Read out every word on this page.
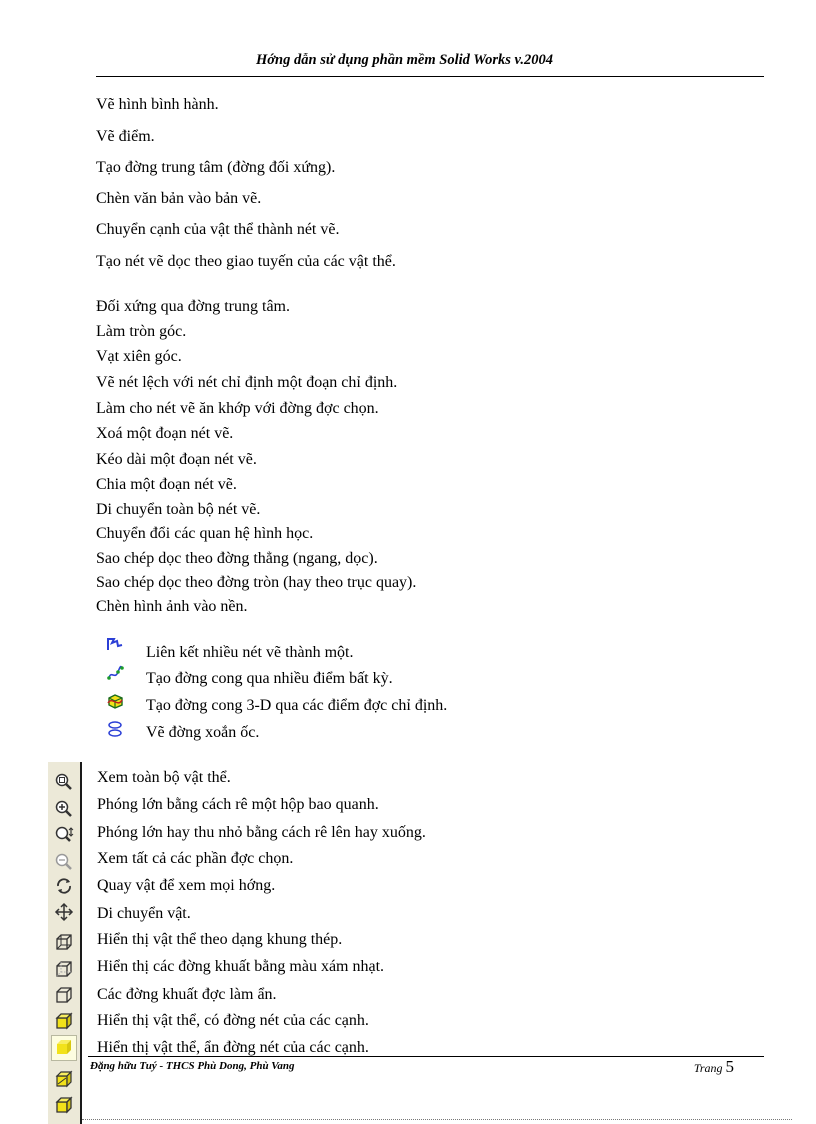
Hớng dẫn sử dụng phần mềm Solid Works v.2004
Vẽ hình bình hành.
Vẽ điểm.
Tạo đờng trung tâm (đờng đối xứng).
Chèn văn bản vào bản vẽ.
Chuyển cạnh của vật thể thành nét vẽ.
Tạo nét vẽ dọc theo giao tuyến của các vật thể.
Đối xứng qua đờng trung tâm.
Làm tròn góc.
Vạt xiên góc.
Vẽ nét lệch với nét chỉ định một đoạn chỉ định.
Làm cho nét vẽ ăn khớp với đờng đợc chọn.
Xoá một đoạn nét vẽ.
Kéo dài một đoạn nét vẽ.
Chia một đoạn nét vẽ.
Di chuyển toàn bộ nét vẽ.
Chuyển đổi các quan hệ hình học.
Sao chép dọc theo đờng thẳng (ngang, dọc).
Sao chép dọc theo đờng tròn (hay theo trục quay).
Chèn hình ảnh vào nền.
Liên kết nhiều nét vẽ thành một.
Tạo đờng cong qua nhiều điểm bất kỳ.
Tạo đờng cong 3-D qua các điểm đợc chỉ định.
Vẽ đờng xoắn ốc.
Xem toàn bộ vật thể.
Phóng lớn bằng cách rê một hộp bao quanh.
Phóng lớn hay thu nhỏ bằng cách rê lên hay xuống.
Xem tất cả các phần đợc chọn.
Quay vật để xem mọi hớng.
Di chuyển vật.
Hiển thị vật thể theo dạng khung thép.
Hiển thị các đờng khuất bằng màu xám nhạt.
Các đờng khuất đợc làm ẩn.
Hiển thị vật thể, có đờng nét của các cạnh.
Hiển thị vật thể, ẩn đờng nét của các cạnh.
Đặng hữu Tuý - THCS Phù Dong, Phù Vang	Trang 5
